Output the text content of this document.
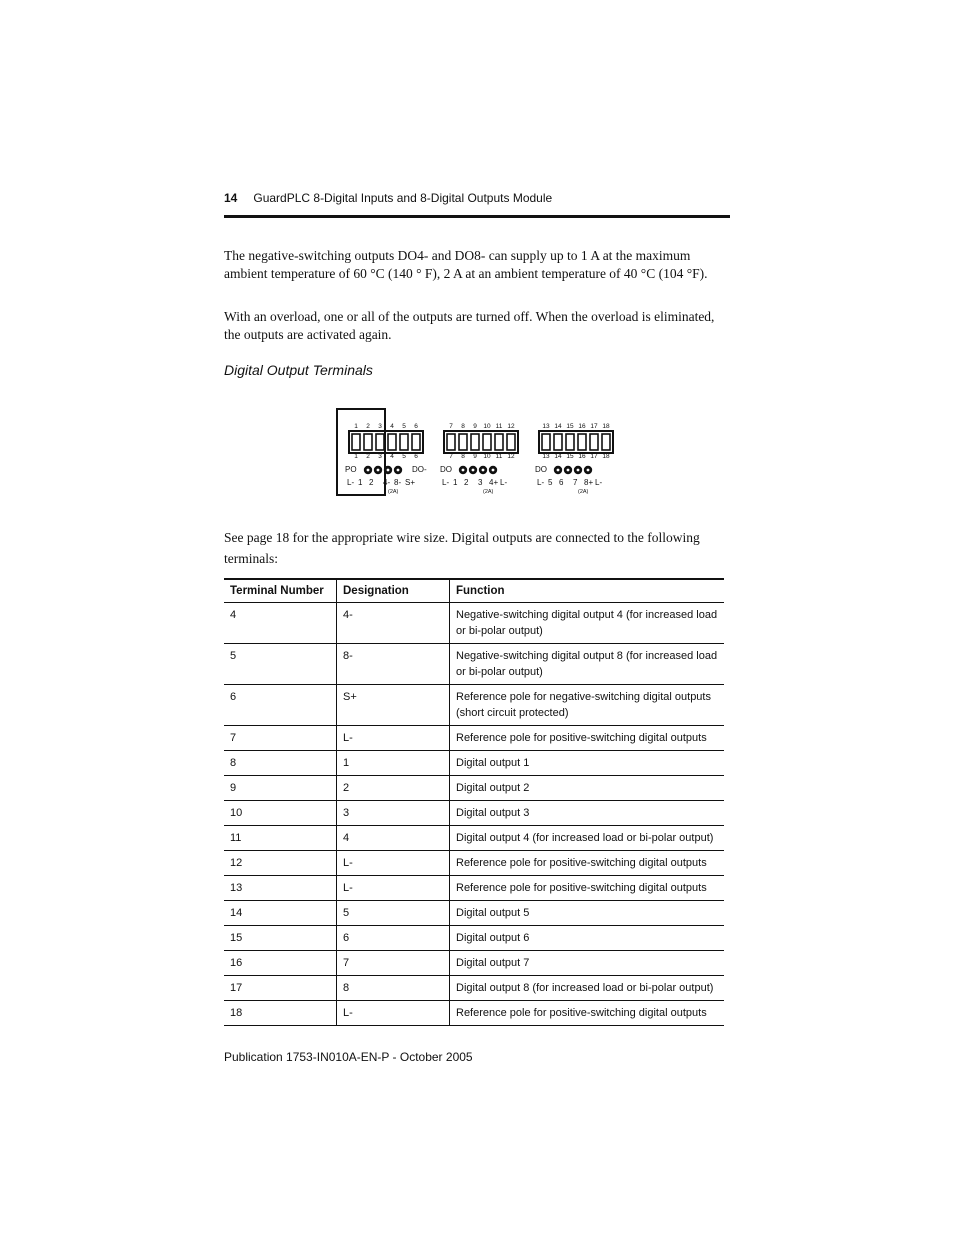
14 GuardPLC 8-Digital Inputs and 8-Digital Outputs Module

The negative-switching outputs DO4- and DO8- can supply up to 1 A at the maximum ambient temperature of 60 °C (140 ° F), 2 A at an ambient temperature of 40 °C (104 °F).

With an overload, one or all of the outputs are turned off. When the overload is eliminated, the outputs are activated again.

Digital Output Terminals
1 2 3 4 5 6
1 2 3 4 5 6
PO	DO-
L- 1 2 4- 8- S+
(2A)
7 8 9 10 11 12
7 8 9 10 11 12
DO
L- 1 2 3 4+ L-
(2A)
13 14 15 16 17 18
13 14 15 16 17 18
DO
L- 5 6 7 8+ L-
(2A)

See page 18 for the appropriate wire size. Digital outputs are connected to the following terminals:

Terminal Number	Designation	Function
4	4-	Negative-switching digital output 4 (for increased load or bi-polar output)
5	8-	Negative-switching digital output 8 (for increased load or bi-polar output)
6	S+	Reference pole for negative-switching digital outputs (short circuit protected)
7	L-	Reference pole for positive-switching digital outputs
8	1	Digital output 1
9	2	Digital output 2
10	3	Digital output 3
11	4	Digital output 4 (for increased load or bi-polar output)
12	L-	Reference pole for positive-switching digital outputs
13	L-	Reference pole for positive-switching digital outputs
14	5	Digital output 5
15	6	Digital output 6
16	7	Digital output 7
17	8	Digital output 8 (for increased load or bi-polar output)
18	L-	Reference pole for positive-switching digital outputs
Publication 1753-IN010A-EN-P - October 2005
